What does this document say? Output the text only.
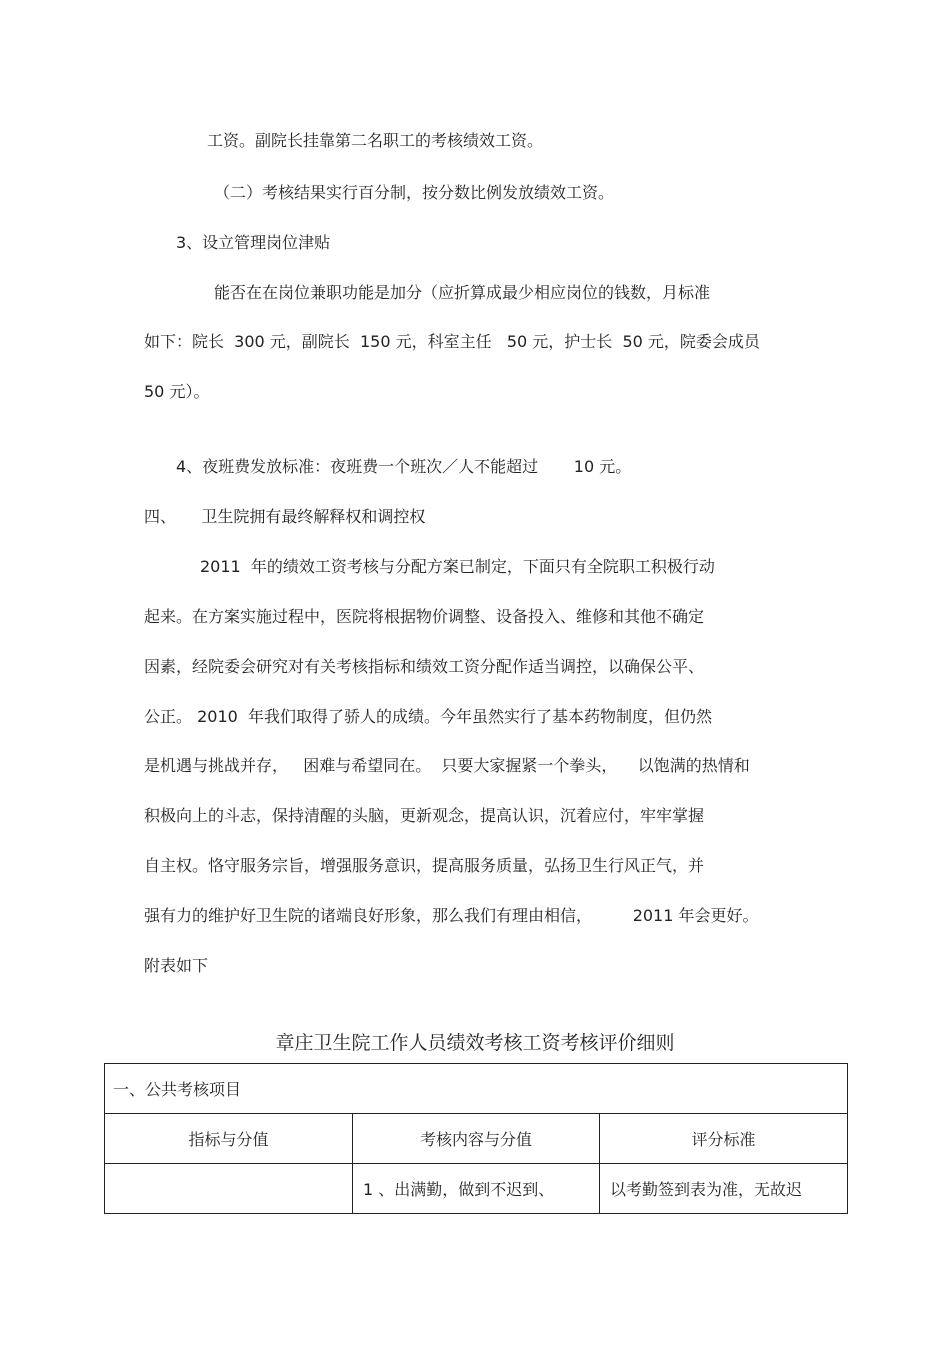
工资。副院长挂靠第二名职工的考核绩效工资。
（二）考核结果实行百分制，按分数比例发放绩效工资。
3、设立管理岗位津贴
能否在在岗位兼职功能是加分（应折算成最少相应岗位的钱数，月标准
如下：院长  300 元，副院长  150 元，科室主任   50 元，护士长  50 元，院委会成员
50 元）。
4、夜班费发放标准：夜班费一个班次／人不能超过       10 元。
四、     卫生院拥有最终解释权和调控权
2011  年的绩效工资考核与分配方案已制定，下面只有全院职工积极行动
起来。在方案实施过程中，医院将根据物价调整、设备投入、维修和其他不确定
因素，经院委会研究对有关考核指标和绩效工资分配作适当调控，以确保公平、
公正。 2010  年我们取得了骄人的成绩。今年虽然实行了基本药物制度，但仍然
是机遇与挑战并存，   困难与希望同在。  只要大家握紧一个拳头，    以饱满的热情和
积极向上的斗志，保持清醒的头脑，更新观念，提高认识，沉着应付，牢牢掌握
自主权。恪守服务宗旨，增强服务意识，提高服务质量，弘扬卫生行风正气，并
强有力的维护好卫生院的诸端良好形象，那么我们有理由相信，        2011 年会更好。
附表如下
章庄卫生院工作人员绩效考核工资考核评价细则
一、公共考核项目		
指标与分值	考核内容与分值	评分标准
	1 、出满勤，做到不迟到、	以考勤签到表为准，无故迟
